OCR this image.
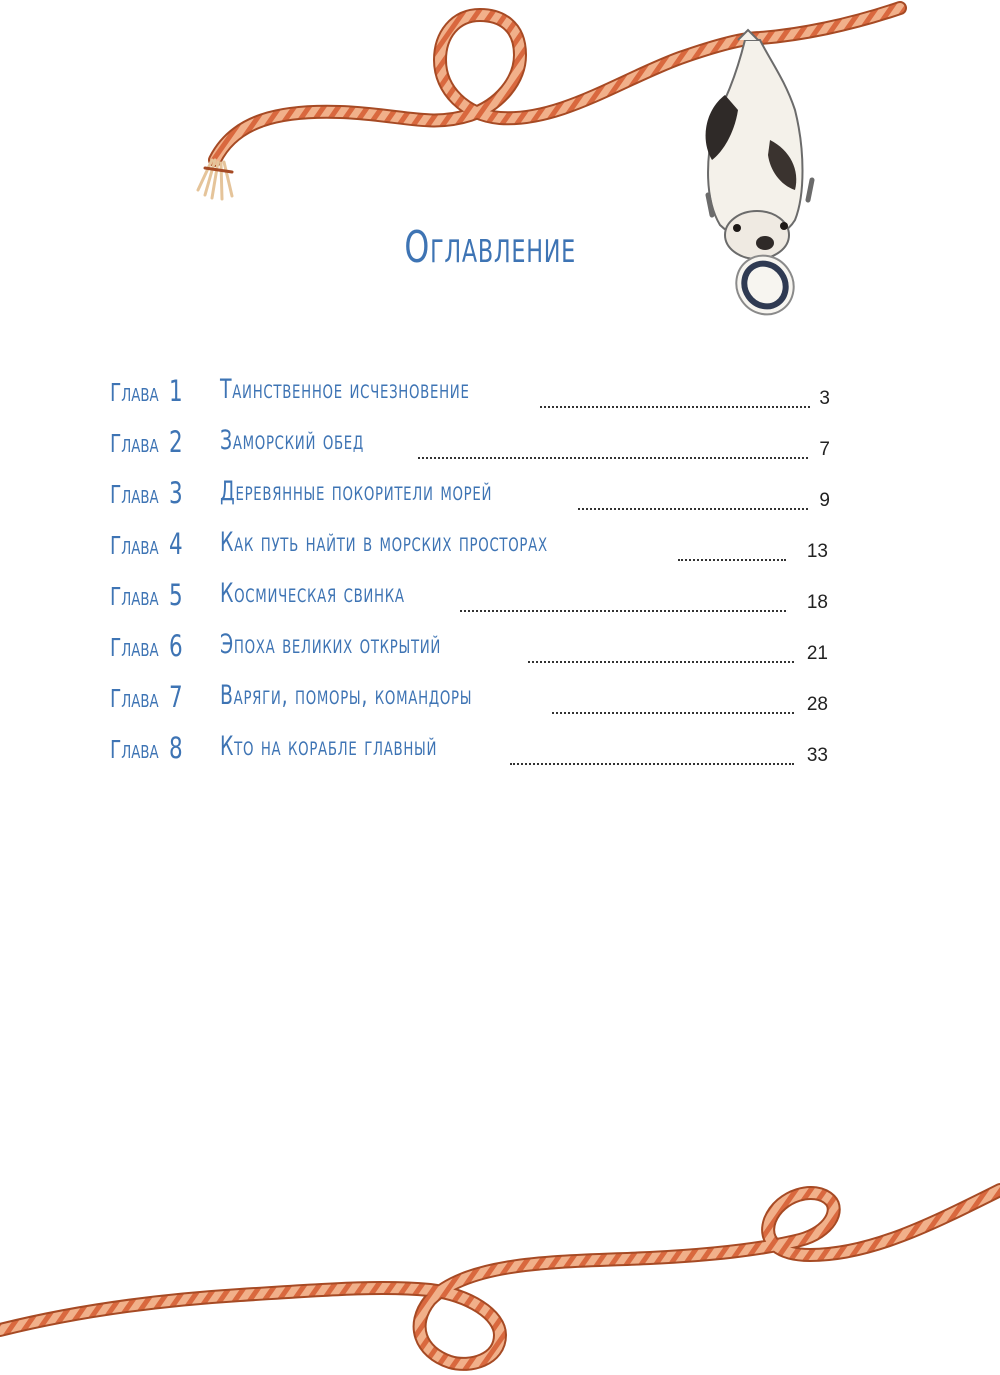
Оглавление
Глава 1 Таинственное исчезновение	3
Глава 2 Заморский обед	7
Глава 3 Деревянные покорители морей	9
Глава 4 Как путь найти в морских просторах	13
Глава 5 Космическая свинка	18
Глава 6 Эпоха великих открытий	21
Глава 7 Варяги, поморы, командоры	28
Глава 8 Кто на корабле главный	33
